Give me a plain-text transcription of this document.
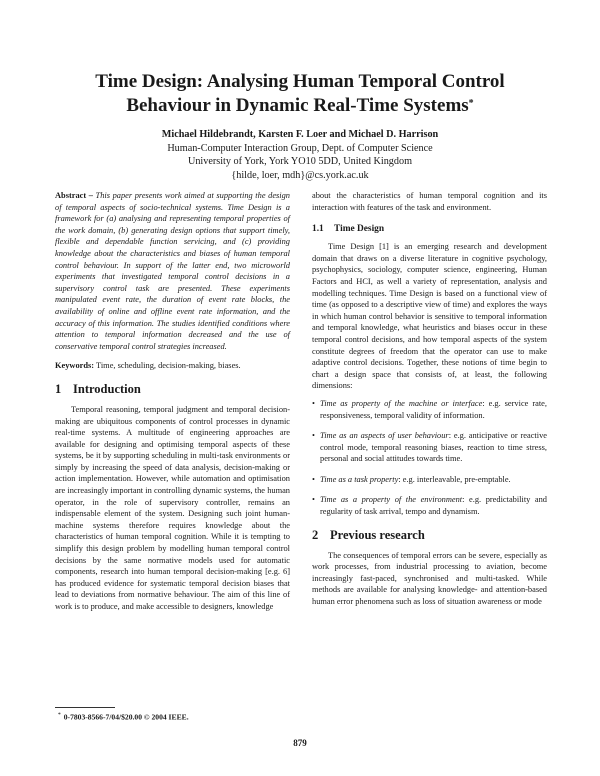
Time Design: Analysing Human Temporal Control
Behaviour in Dynamic Real-Time Systems*
Michael Hildebrandt, Karsten F. Loer and Michael D. Harrison
Human-Computer Interaction Group, Dept. of Computer Science
University of York, York YO10 5DD, United Kingdom
{hilde, loer, mdh}@cs.york.ac.uk

Abstract – This paper presents work aimed at supporting the design of temporal aspects of socio-technical systems. Time Design is a framework for (a) analysing and representing temporal properties of the work domain, (b) generating design options that support timely, flexible and dependable function servicing, and (c) providing knowledge about the characteristics and biases of human temporal control behaviour. In support of the latter end, two microworld experiments that investigated temporal control decisions in a supervisory control task are presented. These experiments manipulated event rate, the duration of event rate blocks, the availability of online and offline event rate information, and the accuracy of this information. The studies identified conditions where attention to temporal information decreased and the use of conservative temporal control strategies increased.

Keywords: Time, scheduling, decision-making, biases.

1 Introduction

Temporal reasoning, temporal judgment and temporal decision-making are ubiquitous components of control processes in dynamic real-time systems. A multitude of engineering approaches are available for designing and optimising temporal aspects of these systems, be it by supporting scheduling in multi-task environments or simply by increasing the speed of data analysis, decision-making or action implementation. However, while automation and optimisation are increasingly important in controlling dynamic systems, the human operator, in the role of supervisory controller, remains an indispensable element of the system. Designing such joint human-machine systems therefore requires knowledge about the characteristics of human temporal cognition. While it is tempting to simplify this design problem by modelling human temporal control decisions by the same normative models used for automatic components, research into human temporal decision-making [e.g. 6] has produced evidence for systematic temporal decision biases that lead to deviations from normative behaviour. The aim of this line of work is to produce, and make accessible to designers, knowledge

about the characteristics of human temporal cognition and its interaction with features of the task and environment.

1.1 Time Design

Time Design [1] is an emerging research and development domain that draws on a diverse literature in cognitive psychology, psychophysics, sociology, computer science, engineering, Human Factors and HCI, as well a variety of representation, analysis and modelling techniques. Time Design is based on a functional view of time (as opposed to a descriptive view of time) and explores the ways in which human control behavior is sensitive to temporal information and temporal knowledge, what heuristics and biases occur in these temporal control decisions, and how temporal aspects of the system constitute degrees of freedom that the operator can use to make adaptive control decisions. Together, these notions of time begin to chart a design space that consists of, at least, the following dimensions:

• Time as property of the machine or interface: e.g. service rate, responsiveness, temporal validity of information.
• Time as an aspects of user behaviour: e.g. anticipative or reactive control mode, temporal reasoning biases, reaction to time stress, personal and social attitudes towards time.
• Time as a task property: e.g. interleavable, pre-emptable.
• Time as a property of the environment: e.g. predictability and regularity of task arrival, tempo and dynamism.
2 Previous research

The consequences of temporal errors can be severe, especially as work processes, from industrial processing to aviation, become increasingly fast-paced, synchronised and multi-tasked. While methods are available for analysing knowledge- and attention-based human error phenomena such as loss of situation awareness or mode

* 0-7803-8566-7/04/$20.00 © 2004 IEEE.
879
